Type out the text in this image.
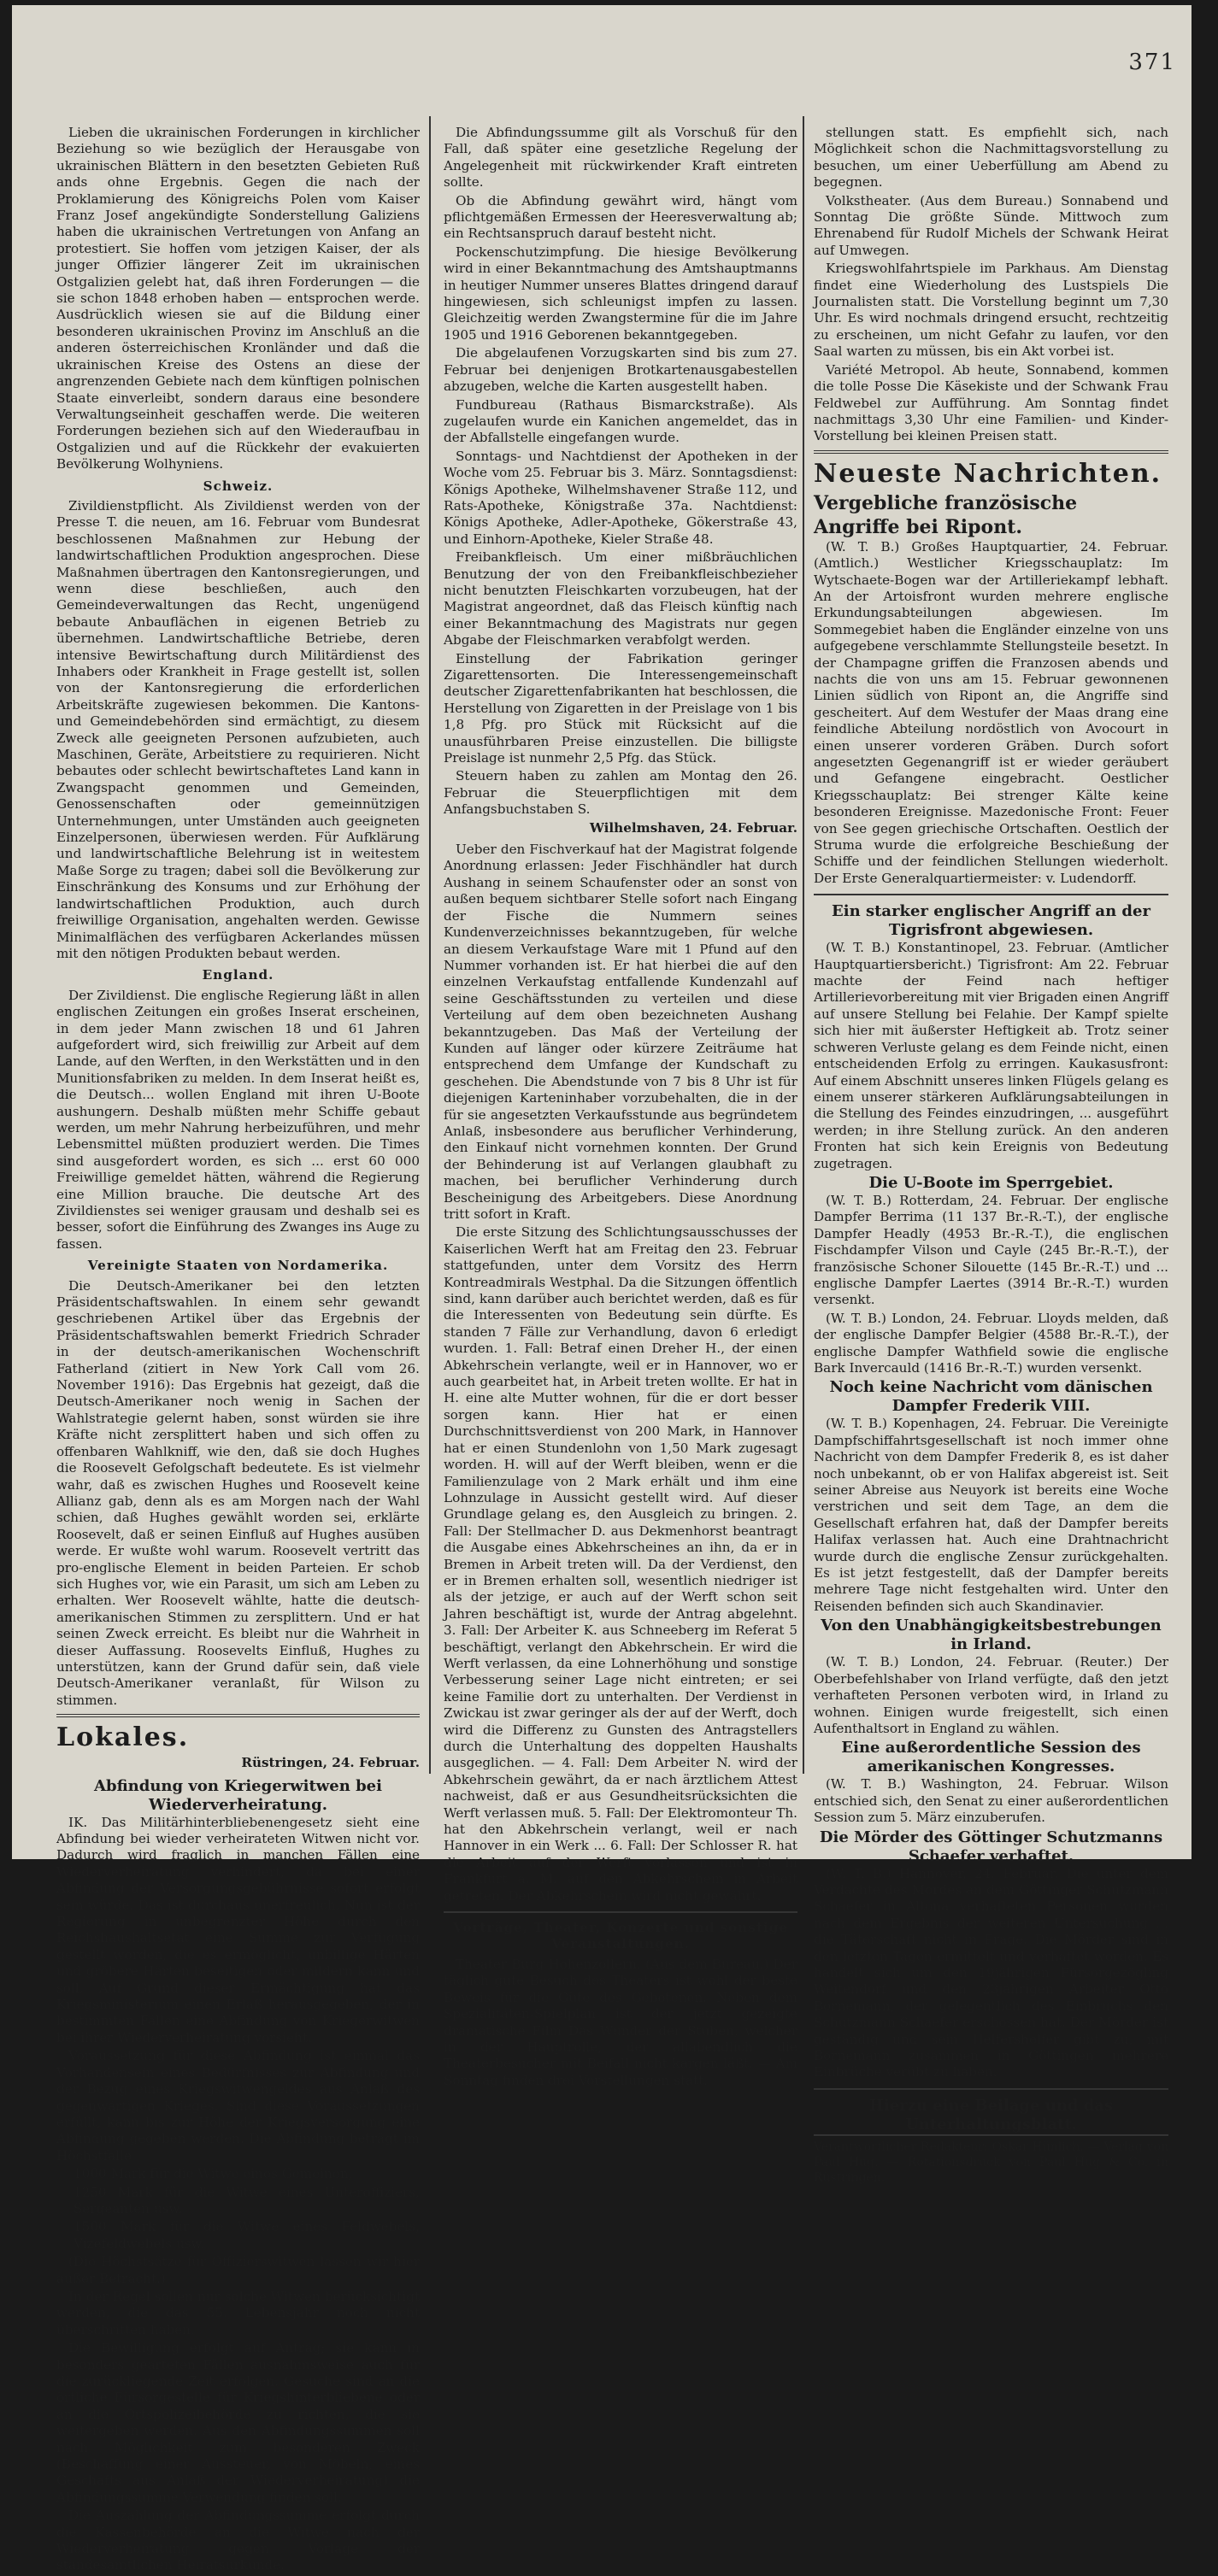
371

Lieben die ukrainischen Forderungen in kirchlicher Beziehung so wie bezüglich der Herausgabe von ukrainischen Blättern in den besetzten Gebieten Ruß ands ohne Ergebnis. Gegen die nach der Proklamierung des Königreichs Polen vom Kaiser Franz Josef angekündigte Sonderstellung Galiziens haben die ukrainischen Vertretungen von Anfang an protestiert. Sie hoffen vom jetzigen Kaiser, der als junger Offizier längerer Zeit im ukrainischen Ostgalizien gelebt hat, daß ihren Forderungen — die sie schon 1848 erhoben haben — entsprochen werde. Ausdrücklich wiesen sie auf die Bildung einer besonderen ukrainischen Provinz im Anschluß an die anderen österreichischen Kronländer und daß die ukrainischen Kreise des Ostens an diese der angrenzenden Gebiete nach dem künftigen polnischen Staate einverleibt, sondern daraus eine besondere Verwaltungseinheit geschaffen werde. Die weiteren Forderungen beziehen sich auf den Wiederaufbau in Ostgalizien und auf die Rückkehr der evakuierten Bevölkerung Wolhyniens.

Schweiz.

Zivildienstpflicht. Als Zivildienst werden von der Presse T. die neuen, am 16. Februar vom Bundesrat beschlossenen Maßnahmen zur Hebung der landwirtschaftlichen Produktion angesprochen. Diese Maßnahmen übertragen den Kantonsregierungen, und wenn diese beschließen, auch den Gemeindeverwaltungen das Recht, ungenügend bebaute Anbauflächen in eigenen Betrieb zu übernehmen. Landwirtschaftliche Betriebe, deren intensive Bewirtschaftung durch Militärdienst des Inhabers oder Krankheit in Frage gestellt ist, sollen von der Kantonsregierung die erforderlichen Arbeitskräfte zugewiesen bekommen. Die Kantons- und Gemeindebehörden sind ermächtigt, zu diesem Zweck alle geeigneten Personen aufzubieten, auch Maschinen, Geräte, Arbeitstiere zu requirieren. Nicht bebautes oder schlecht bewirtschaftetes Land kann in Zwangspacht genommen und Gemeinden, Genossenschaften oder gemeinnützigen Unternehmungen, unter Umständen auch geeigneten Einzelpersonen, überwiesen werden. Für Aufklärung und landwirtschaftliche Belehrung ist in weitestem Maße Sorge zu tragen; dabei soll die Bevölkerung zur Einschränkung des Konsums und zur Erhöhung der landwirtschaftlichen Produktion, auch durch freiwillige Organisation, angehalten werden. Gewisse Minimalflächen des verfügbaren Ackerlandes müssen mit den nötigen Produkten bebaut werden.

England.

Der Zivildienst. Die englische Regierung läßt in allen englischen Zeitungen ein großes Inserat erscheinen, in dem jeder Mann zwischen 18 und 61 Jahren aufgefordert wird, sich freiwillig zur Arbeit auf dem Lande, auf den Werften, in den Werkstätten und in den Munitionsfabriken zu melden. In dem Inserat heißt es, die Deutsch... wollen England mit ihren U-Boote aushungern. Deshalb müßten mehr Schiffe gebaut werden, um mehr Nahrung herbeizuführen, und mehr Lebensmittel müßten produziert werden. Die Times sind ausgefordert worden, es sich ... erst 60 000 Freiwillige gemeldet hätten, während die Regierung eine Million brauche. Die deutsche Art des Zivildienstes sei weniger grausam und deshalb sei es besser, sofort die Einführung des Zwanges ins Auge zu fassen.

Vereinigte Staaten von Nordamerika.

Die Deutsch-Amerikaner bei den letzten Präsidentschaftswahlen. In einem sehr gewandt geschriebenen Artikel über das Ergebnis der Präsidentschaftswahlen bemerkt Friedrich Schrader in der deutsch-amerikanischen Wochenschrift Fatherland (zitiert in New York Call vom 26. November 1916): Das Ergebnis hat gezeigt, daß die Deutsch-Amerikaner noch wenig in Sachen der Wahlstrategie gelernt haben, sonst würden sie ihre Kräfte nicht zersplittert haben und sich offen zu offenbaren Wahlkniff, wie den, daß sie doch Hughes die Roosevelt Gefolgschaft bedeutete. Es ist vielmehr wahr, daß es zwischen Hughes und Roosevelt keine Allianz gab, denn als es am Morgen nach der Wahl schien, daß Hughes gewählt worden sei, erklärte Roosevelt, daß er seinen Einfluß auf Hughes ausüben werde. Er wußte wohl warum. Roosevelt vertritt das pro-englische Element in beiden Parteien. Er schob sich Hughes vor, wie ein Parasit, um sich am Leben zu erhalten. Wer Roosevelt wählte, hatte die deutsch-amerikanischen Stimmen zu zersplittern. Und er hat seinen Zweck erreicht. Es bleibt nur die Wahrheit in dieser Auffassung. Roosevelts Einfluß, Hughes zu unterstützen, kann der Grund dafür sein, daß viele Deutsch-Amerikaner veranlaßt, für Wilson zu stimmen.

Lokales.
Rüstringen, 24. Februar.
Abfindung von Kriegerwitwen bei Wiederverheiratung.

IK. Das Militärhinterbliebenengesetz sieht eine Abfindung bei wieder verheirateten Witwen nicht vor. Dadurch wird fraglich in manchen Fällen eine Wiederverheiratung verhindert, da bei einer Abfindung der Versorgungsgebührnisse sofort erfolgt sein würde. Das ist durchaus unerfreulich. Nun ist der Regierung in unbegrenzter Höhe durch den Reichshaushaltsetat eine Summe zur Verfügung gestellt worden, die es ermöglicht, unbillige Härten und gröbere Härten beseitigen oder mildern kann und soll. Auf Grund dieser Ermächtigung hat das Kriegsministerium einen Erlaß herausgegeben, der in bestimmten Fällen eine Abfindung von Kriegerwitwen bei ihrer Wiederverheiratung vorsieht.

Voraussetzung für diese Abfindung ist einmal das Vorhandensein eines Bedürfnisses zur Abfindung und der Bezug eines Kriegswitwengeldes aus Anlaß des gegenwärtigen Krieges. Sind diese Voraussetzungen erfüllt, kann bis zur Höhe der Kriegsversorgung eine Abfindung gegeben werden. Die Abfindung beträgt im Höchstfalle

1000 Mark für die Witwe eines Gemeinen,

1250 Mark für die Witwe eines Unteroffiziers, Sergeanten usw.

1500 Mark für die Witwe eines Feldwebels, Vizefeldwebels usw.

(Die Höchstsätze für Offizierswitwen lassen wir hier außer Betracht.)

In der Regel sollen nur solche Witwen berücksichtigt werden, die das 55. Lebensjahr noch nicht überschritten haben.

Die Bewilligung erfolgt auf Antrag; sie kann in besonders gearteten Fällen ausnahmsweise auch für die zurückliegende Zeit erfolgen. Gesuche sind an die örtliche Fürsorgestelle für Kriegshinterbliebene oder an die Ortspolizeibehörde zu richten, die sie weitergeben werden. Aus den Abfindungssummen soll nach Möglichkeit zum besonderen Zweck (Beschaffung einer Aussteuer, von Möbeln, eines Geschäfts aus Anlaß der Wiederverheiratung) die Abfindungssumme Verwendung finden soll.

Die Auszahlung der Abfindungssumme erfolgt durch die Kassenbehörde an die Witwe nach der Wiederverheiratung gegen Vorlage der standesamtlichen Heiratsurkunde.

Die Abfindungssumme gilt als Vorschuß für den Fall, daß später eine gesetzliche Regelung der Angelegenheit mit rückwirkender Kraft eintreten sollte.

Ob die Abfindung gewährt wird, hängt vom pflichtgemäßen Ermessen der Heeresverwaltung ab; ein Rechtsanspruch darauf besteht nicht.

Pockenschutzimpfung. Die hiesige Bevölkerung wird in einer Bekanntmachung des Amtshauptmanns in heutiger Nummer unseres Blattes dringend darauf hingewiesen, sich schleunigst impfen zu lassen. Gleichzeitig werden Zwangstermine für die im Jahre 1905 und 1916 Geborenen bekanntgegeben.

Die abgelaufenen Vorzugskarten sind bis zum 27. Februar bei denjenigen Brotkartenausgabestellen abzugeben, welche die Karten ausgestellt haben.

Fundbureau (Rathaus Bismarckstraße). Als zugelaufen wurde ein Kanichen angemeldet, das in der Abfallstelle eingefangen wurde.

Sonntags- und Nachtdienst der Apotheken in der Woche vom 25. Februar bis 3. März. Sonntagsdienst: Königs Apotheke, Wilhelmshavener Straße 112, und Rats-Apotheke, Königstraße 37a. Nachtdienst: Königs Apotheke, Adler-Apotheke, Gökerstraße 43, und Einhorn-Apotheke, Kieler Straße 48.

Freibankfleisch. Um einer mißbräuchlichen Benutzung der von den Freibankfleischbezieher nicht benutzten Fleischkarten vorzubeugen, hat der Magistrat angeordnet, daß das Fleisch künftig nach einer Bekanntmachung des Magistrats nur gegen Abgabe der Fleischmarken verabfolgt werden.

Einstellung der Fabrikation geringer Zigarettensorten. Die Interessengemeinschaft deutscher Zigarettenfabrikanten hat beschlossen, die Herstellung von Zigaretten in der Preislage von 1 bis 1,8 Pfg. pro Stück mit Rücksicht auf die unausführbaren Preise einzustellen. Die billigste Preislage ist nunmehr 2,5 Pfg. das Stück.

Steuern haben zu zahlen am Montag den 26. Februar die Steuerpflichtigen mit dem Anfangsbuchstaben S.

Wilhelmshaven, 24. Februar.

Ueber den Fischverkauf hat der Magistrat folgende Anordnung erlassen: Jeder Fischhändler hat durch Aushang in seinem Schaufenster oder an sonst von außen bequem sichtbarer Stelle sofort nach Eingang der Fische die Nummern seines Kundenverzeichnisses bekanntzugeben, für welche an diesem Verkaufstage Ware mit 1 Pfund auf den Nummer vorhanden ist. Er hat hierbei die auf den einzelnen Verkaufstag entfallende Kundenzahl auf seine Geschäftsstunden zu verteilen und diese Verteilung auf dem oben bezeichneten Aushang bekanntzugeben. Das Maß der Verteilung der Kunden auf länger oder kürzere Zeiträume hat entsprechend dem Umfange der Kundschaft zu geschehen. Die Abendstunde von 7 bis 8 Uhr ist für diejenigen Karteninhaber vorzubehalten, die in der für sie angesetzten Verkaufsstunde aus begründetem Anlaß, insbesondere aus beruflicher Verhinderung, den Einkauf nicht vornehmen konnten. Der Grund der Behinderung ist auf Verlangen glaubhaft zu machen, bei beruflicher Verhinderung durch Bescheinigung des Arbeitgebers. Diese Anordnung tritt sofort in Kraft.

Die erste Sitzung des Schlichtungsausschusses der Kaiserlichen Werft hat am Freitag den 23. Februar stattgefunden, unter dem Vorsitz des Herrn Kontreadmirals Westphal. Da die Sitzungen öffentlich sind, kann darüber auch berichtet werden, daß es für die Interessenten von Bedeutung sein dürfte. Es standen 7 Fälle zur Verhandlung, davon 6 erledigt wurden. 1. Fall: Betraf einen Dreher H., der einen Abkehrschein verlangte, weil er in Hannover, wo er auch gearbeitet hat, in Arbeit treten wollte. Er hat in H. eine alte Mutter wohnen, für die er dort besser sorgen kann. Hier hat er einen Durchschnittsverdienst von 200 Mark, in Hannover hat er einen Stundenlohn von 1,50 Mark zugesagt worden. H. will auf der Werft bleiben, wenn er die Familienzulage von 2 Mark erhält und ihm eine Lohnzulage in Aussicht gestellt wird. Auf dieser Grundlage gelang es, den Ausgleich zu bringen. 2. Fall: Der Stellmacher D. aus Dekmenhorst beantragt die Ausgabe eines Abkehrscheines an ihn, da er in Bremen in Arbeit treten will. Da der Verdienst, den er in Bremen erhalten soll, wesentlich niedriger ist als der jetzige, er auch auf der Werft schon seit Jahren beschäftigt ist, wurde der Antrag abgelehnt. 3. Fall: Der Arbeiter K. aus Schneeberg im Referat 5 beschäftigt, verlangt den Abkehrschein. Er wird die Werft verlassen, da eine Lohnerhöhung und sonstige Verbesserung seiner Lage nicht eintreten; er sei keine Familie dort zu unterhalten. Der Verdienst in Zwickau ist zwar geringer als der auf der Werft, doch wird die Differenz zu Gunsten des Antragstellers durch die Unterhaltung des doppelten Haushalts ausgeglichen. — 4. Fall: Dem Arbeiter N. wird der Abkehrschein gewährt, da er nach ärztlichem Attest nachweist, daß er aus Gesundheitsrücksichten die Werft verlassen muß. 5. Fall: Der Elektromonteur Th. hat den Abkehrschein verlangt, weil er nach Hannover in ein Werk ... 6. Fall: Der Schlosser R. hat die Arbeit auf der Werft verlassen und ist in Frankfurt a. M. auf den Abkehrschein in Arbeit getreten. Der Abkehrschein wird nicht gewährt.

Vorträge, Theater, Konzerte und sonstige Veranstaltungen.

Theater Burg Hohenzollern. (Aus dem Bureau.) Der täglich gute Besuch des Theaters ist wohl der beste Beweis für die Güte des Gebotenen. Neben dem Spezialitäten-Spielplan ist der jetzt gezeigte dramatische Film Das Wunder der Stuben, welcher in der Hauptrolle, der allabendlich die Theaterbesucher mit Beifall nicht kargen läßt. — Am Sonntag finden drei Vorstellungen statt.

stellungen statt. Es empfiehlt sich, nach Möglichkeit schon die Nachmittagsvorstellung zu besuchen, um einer Ueberfüllung am Abend zu begegnen.

Volkstheater. (Aus dem Bureau.) Sonnabend und Sonntag Die größte Sünde. Mittwoch zum Ehrenabend für Rudolf Michels der Schwank Heirat auf Umwegen.

Kriegswohlfahrtspiele im Parkhaus. Am Dienstag findet eine Wiederholung des Lustspiels Die Journalisten statt. Die Vorstellung beginnt um 7,30 Uhr. Es wird nochmals dringend ersucht, rechtzeitig zu erscheinen, um nicht Gefahr zu laufen, vor den Saal warten zu müssen, bis ein Akt vorbei ist.

Variété Metropol. Ab heute, Sonnabend, kommen die tolle Posse Die Käsekiste und der Schwank Frau Feldwebel zur Aufführung. Am Sonntag findet nachmittags 3,30 Uhr eine Familien- und Kinder-Vorstellung bei kleinen Preisen statt.

Neueste Nachrichten.
Vergebliche französische Angriffe bei Ripont.

(W. T. B.) Großes Hauptquartier, 24. Februar. (Amtlich.) Westlicher Kriegsschauplatz: Im Wytschaete-Bogen war der Artilleriekampf lebhaft. An der Artoisfront wurden mehrere englische Erkundungsabteilungen abgewiesen. Im Sommegebiet haben die Engländer einzelne von uns aufgegebene verschlammte Stellungsteile besetzt. In der Champagne griffen die Franzosen abends und nachts die von uns am 15. Februar gewonnenen Linien südlich von Ripont an, die Angriffe sind gescheitert. Auf dem Westufer der Maas drang eine feindliche Abteilung nordöstlich von Avocourt in einen unserer vorderen Gräben. Durch sofort angesetzten Gegenangriff ist er wieder geräubert und Gefangene eingebracht. Oestlicher Kriegsschauplatz: Bei strenger Kälte keine besonderen Ereignisse. Mazedonische Front: Feuer von See gegen griechische Ortschaften. Oestlich der Struma wurde die erfolgreiche Beschießung der Schiffe und der feindlichen Stellungen wiederholt. Der Erste Generalquartiermeister: v. Ludendorff.

Ein starker englischer Angriff an der Tigrisfront abgewiesen.

(W. T. B.) Konstantinopel, 23. Februar. (Amtlicher Hauptquartiersbericht.) Tigrisfront: Am 22. Februar machte der Feind nach heftiger Artillerievorbereitung mit vier Brigaden einen Angriff auf unsere Stellung bei Felahie. Der Kampf spielte sich hier mit äußerster Heftigkeit ab. Trotz seiner schweren Verluste gelang es dem Feinde nicht, einen entscheidenden Erfolg zu erringen. Kaukasusfront: Auf einem Abschnitt unseres linken Flügels gelang es einem unserer stärkeren Aufklärungsabteilungen in die Stellung des Feindes einzudringen, ... ausgeführt werden; in ihre Stellung zurück. An den anderen Fronten hat sich kein Ereignis von Bedeutung zugetragen.

Die U-Boote im Sperrgebiet.

(W. T. B.) Rotterdam, 24. Februar. Der englische Dampfer Berrima (11 137 Br.-R.-T.), der englische Dampfer Headly (4953 Br.-R.-T.), die englischen Fischdampfer Vilson und Cayle (245 Br.-R.-T.), der französische Schoner Silouette (145 Br.-R.-T.) und ... englische Dampfer Laertes (3914 Br.-R.-T.) wurden versenkt.

(W. T. B.) London, 24. Februar. Lloyds melden, daß der englische Dampfer Belgier (4588 Br.-R.-T.), der englische Dampfer Wathfield sowie die englische Bark Invercauld (1416 Br.-R.-T.) wurden versenkt.

Noch keine Nachricht vom dänischen Dampfer Frederik VIII.

(W. T. B.) Kopenhagen, 24. Februar. Die Vereinigte Dampfschiffahrtsgesellschaft ist noch immer ohne Nachricht von dem Dampfer Frederik 8, es ist daher noch unbekannt, ob er von Halifax abgereist ist. Seit seiner Abreise aus Neuyork ist bereits eine Woche verstrichen und seit dem Tage, an dem die Gesellschaft erfahren hat, daß der Dampfer bereits Halifax verlassen hat. Auch eine Drahtnachricht wurde durch die englische Zensur zurückgehalten. Es ist jetzt festgestellt, daß der Dampfer bereits mehrere Tage nicht festgehalten wird. Unter den Reisenden befinden sich auch Skandinavier.

Von den Unabhängigkeitsbestrebungen in Irland.

(W. T. B.) London, 24. Februar. (Reuter.) Der Oberbefehlshaber von Irland verfügte, daß den jetzt verhafteten Personen verboten wird, in Irland zu wohnen. Einigen wurde freigestellt, sich einen Aufenthaltsort in England zu wählen.

Eine außerordentliche Session des amerikanischen Kongresses.

(W. T. B.) Washington, 24. Februar. Wilson entschied sich, den Senat zu einer außerordentlichen Session zum 5. März einzuberufen.

Die Mörder des Göttinger Schutzmanns Schaefer verhaftet.

(W. T. B.) Hannover, 24. Februar. Die unter dem Verdachte des Mordes an dem Göttinger Schutzmann Schaefer in Altona verhafteten Personen wurden nach dem Ergebnis der weiteren Untersuchung ... die Täterschaft nicht in Frage. Die Mörder sind in den letzten Tagen ermittelt und verhaftet worden. Es handelt sich um den 19jährigen Fürsorgezögling Weitendorf und den 23jährigen Arbeiter Otto Bornemann, der gelegentlich des Einbruchs den Schutzmann Schaefer erschossen hat. Der Mörder ist geständig und sein Helfershelfer gibt zu, mit Bornemann zusammen in Göttingen mehrere Einbrüche verübt zu haben.

Hierzu eine Beilage und das Unterhaltungsblatt.
Verantwortlicher Redakteur: Oskar Hünlich. — Verlag von Paul Hug. — Rotationsdruck von Paul Hug & Co. in Rüstringen.
